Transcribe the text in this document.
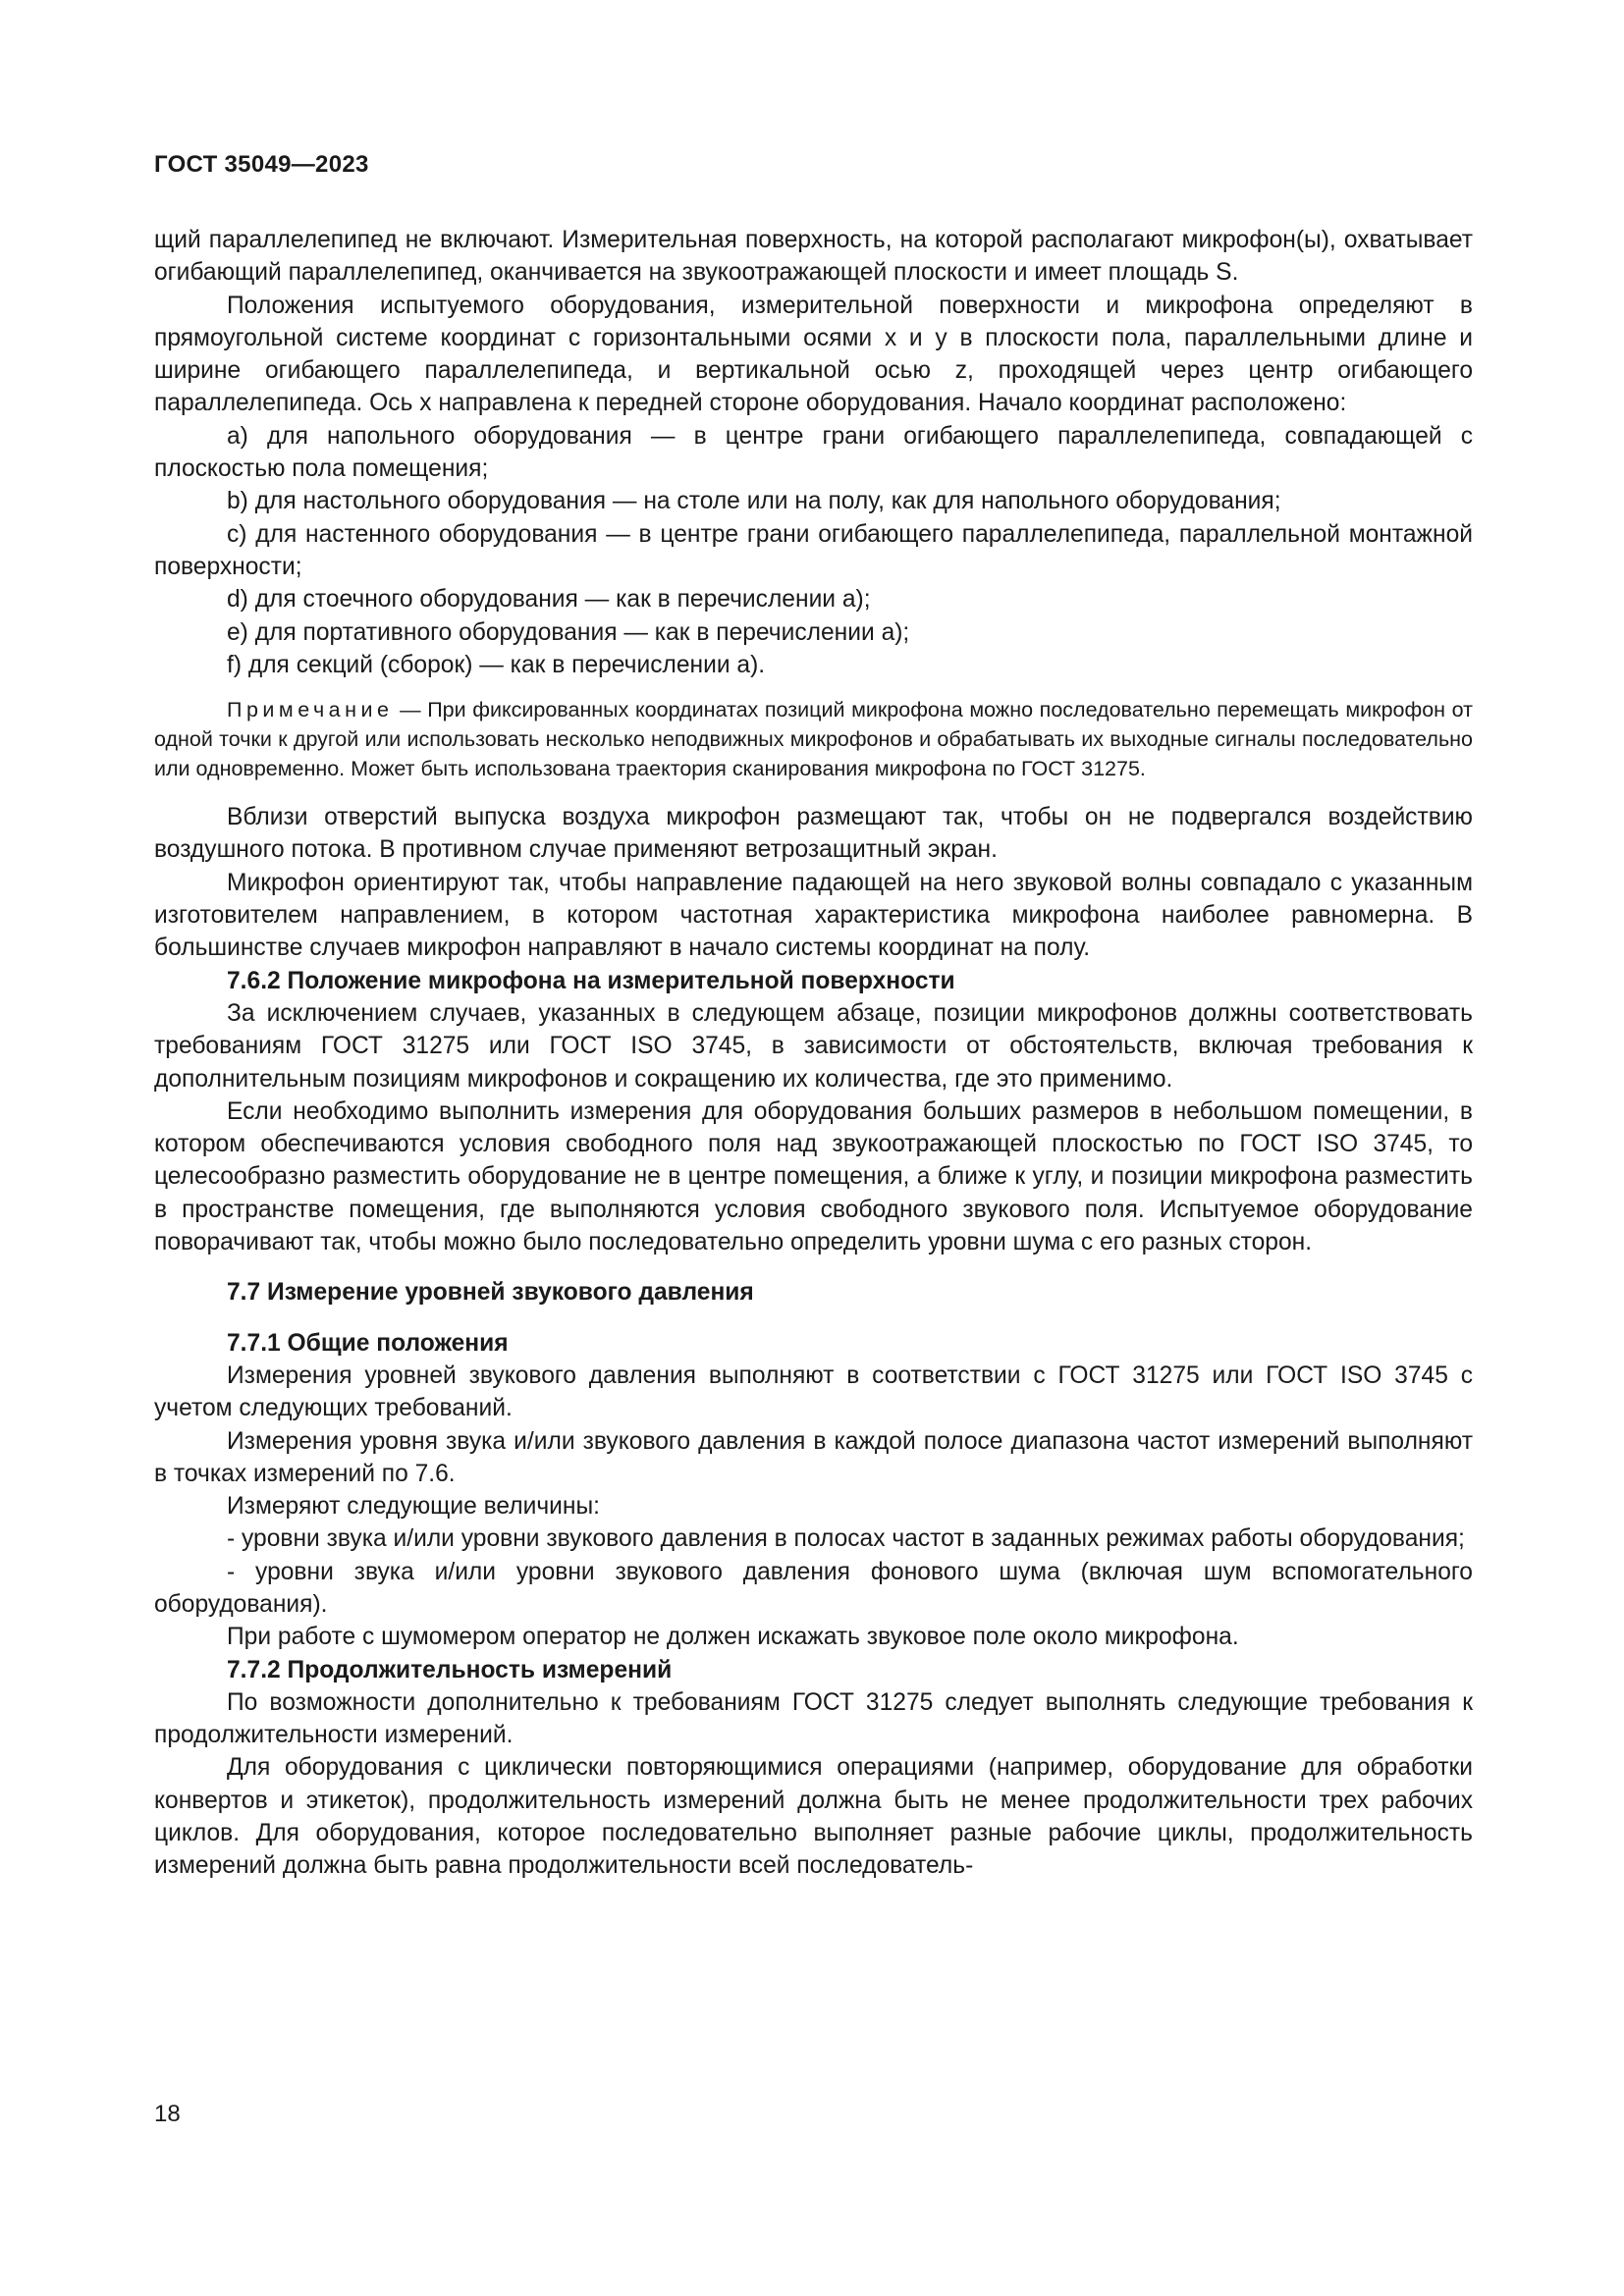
ГОСТ 35049—2023

щий параллелепипед не включают. Измерительная поверхность, на которой располагают микрофон(ы), охватывает огибающий параллелепипед, оканчивается на звукоотражающей плоскости и имеет площадь S.

Положения испытуемого оборудования, измерительной поверхности и микрофона определяют в прямоугольной системе координат с горизонтальными осями x и y в плоскости пола, параллельными длине и ширине огибающего параллелепипеда, и вертикальной осью z, проходящей через центр огибающего параллелепипеда. Ось x направлена к передней стороне оборудования. Начало координат расположено:

a) для напольного оборудования — в центре грани огибающего параллелепипеда, совпадающей с плоскостью пола помещения;

b) для настольного оборудования — на столе или на полу, как для напольного оборудования;

c) для настенного оборудования — в центре грани огибающего параллелепипеда, параллельной монтажной поверхности;

d) для стоечного оборудования — как в перечислении a);

e) для портативного оборудования — как в перечислении a);

f) для секций (сборок) — как в перечислении a).

Примечание — При фиксированных координатах позиций микрофона можно последовательно перемещать микрофон от одной точки к другой или использовать несколько неподвижных микрофонов и обрабатывать их выходные сигналы последовательно или одновременно. Может быть использована траектория сканирования микрофона по ГОСТ 31275.

Вблизи отверстий выпуска воздуха микрофон размещают так, чтобы он не подвергался воздействию воздушного потока. В противном случае применяют ветрозащитный экран.

Микрофон ориентируют так, чтобы направление падающей на него звуковой волны совпадало с указанным изготовителем направлением, в котором частотная характеристика микрофона наиболее равномерна. В большинстве случаев микрофон направляют в начало системы координат на полу.

7.6.2 Положение микрофона на измерительной поверхности

За исключением случаев, указанных в следующем абзаце, позиции микрофонов должны соответствовать требованиям ГОСТ 31275 или ГОСТ ISO 3745, в зависимости от обстоятельств, включая требования к дополнительным позициям микрофонов и сокращению их количества, где это применимо.

Если необходимо выполнить измерения для оборудования больших размеров в небольшом помещении, в котором обеспечиваются условия свободного поля над звукоотражающей плоскостью по ГОСТ ISO 3745, то целесообразно разместить оборудование не в центре помещения, а ближе к углу, и позиции микрофона разместить в пространстве помещения, где выполняются условия свободного звукового поля. Испытуемое оборудование поворачивают так, чтобы можно было последовательно определить уровни шума с его разных сторон.

7.7 Измерение уровней звукового давления

7.7.1 Общие положения

Измерения уровней звукового давления выполняют в соответствии с ГОСТ 31275 или ГОСТ ISO 3745 с учетом следующих требований.

Измерения уровня звука и/или звукового давления в каждой полосе диапазона частот измерений выполняют в точках измерений по 7.6.

Измеряют следующие величины:

- уровни звука и/или уровни звукового давления в полосах частот в заданных режимах работы оборудования;

- уровни звука и/или уровни звукового давления фонового шума (включая шум вспомогательного оборудования).

При работе с шумомером оператор не должен искажать звуковое поле около микрофона.

7.7.2 Продолжительность измерений

По возможности дополнительно к требованиям ГОСТ 31275 следует выполнять следующие требования к продолжительности измерений.

Для оборудования с циклически повторяющимися операциями (например, оборудование для обработки конвертов и этикеток), продолжительность измерений должна быть не менее продолжительности трех рабочих циклов. Для оборудования, которое последовательно выполняет разные рабочие циклы, продолжительность измерений должна быть равна продолжительности всей последователь-

18
